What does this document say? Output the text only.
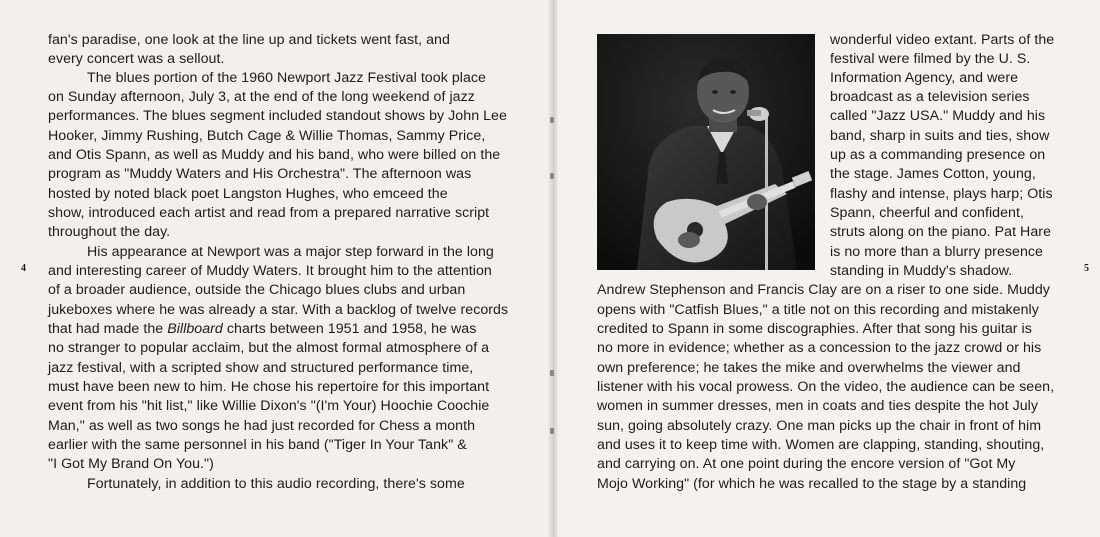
fan's paradise, one look at the line up and tickets went fast, and
every concert was a sellout.
The blues portion of the 1960 Newport Jazz Festival took place
on Sunday afternoon, July 3, at the end of the long weekend of jazz
performances. The blues segment included standout shows by John Lee
Hooker, Jimmy Rushing, Butch Cage & Willie Thomas, Sammy Price,
and Otis Spann, as well as Muddy and his band, who were billed on the
program as "Muddy Waters and His Orchestra". The afternoon was
hosted by noted black poet Langston Hughes, who emceed the
show, introduced each artist and read from a prepared narrative script
throughout the day.
His appearance at Newport was a major step forward in the long
and interesting career of Muddy Waters. It brought him to the attention
of a broader audience, outside the Chicago blues clubs and urban
jukeboxes where he was already a star. With a backlog of twelve records
that had made the Billboard charts between 1951 and 1958, he was
no stranger to popular acclaim, but the almost formal atmosphere of a
jazz festival, with a scripted show and structured performance time,
must have been new to him. He chose his repertoire for this important
event from his "hit list," like Willie Dixon's "(I'm Your) Hoochie Coochie
Man," as well as two songs he had just recorded for Chess a month
earlier with the same personnel in his band ("Tiger In Your Tank" &
"I Got My Brand On You.")
Fortunately, in addition to this audio recording, there's some
4
wonderful video extant. Parts of the
festival were filmed by the U. S.
Information Agency, and were
broadcast as a television series
called "Jazz USA." Muddy and his
band, sharp in suits and ties, show
up as a commanding presence on
the stage. James Cotton, young,
flashy and intense, plays harp; Otis
Spann, cheerful and confident,
struts along on the piano. Pat Hare
is no more than a blurry presence
standing in Muddy's shadow.
Andrew Stephenson and Francis Clay are on a riser to one side. Muddy
opens with "Catfish Blues," a title not on this recording and mistakenly
credited to Spann in some discographies. After that song his guitar is
no more in evidence; whether as a concession to the jazz crowd or his
own preference; he takes the mike and overwhelms the viewer and
listener with his vocal prowess. On the video, the audience can be seen,
women in summer dresses, men in coats and ties despite the hot July
sun, going absolutely crazy. One man picks up the chair in front of him
and uses it to keep time with. Women are clapping, standing, shouting,
and carrying on. At one point during the encore version of "Got My
Mojo Working" (for which he was recalled to the stage by a standing
5
